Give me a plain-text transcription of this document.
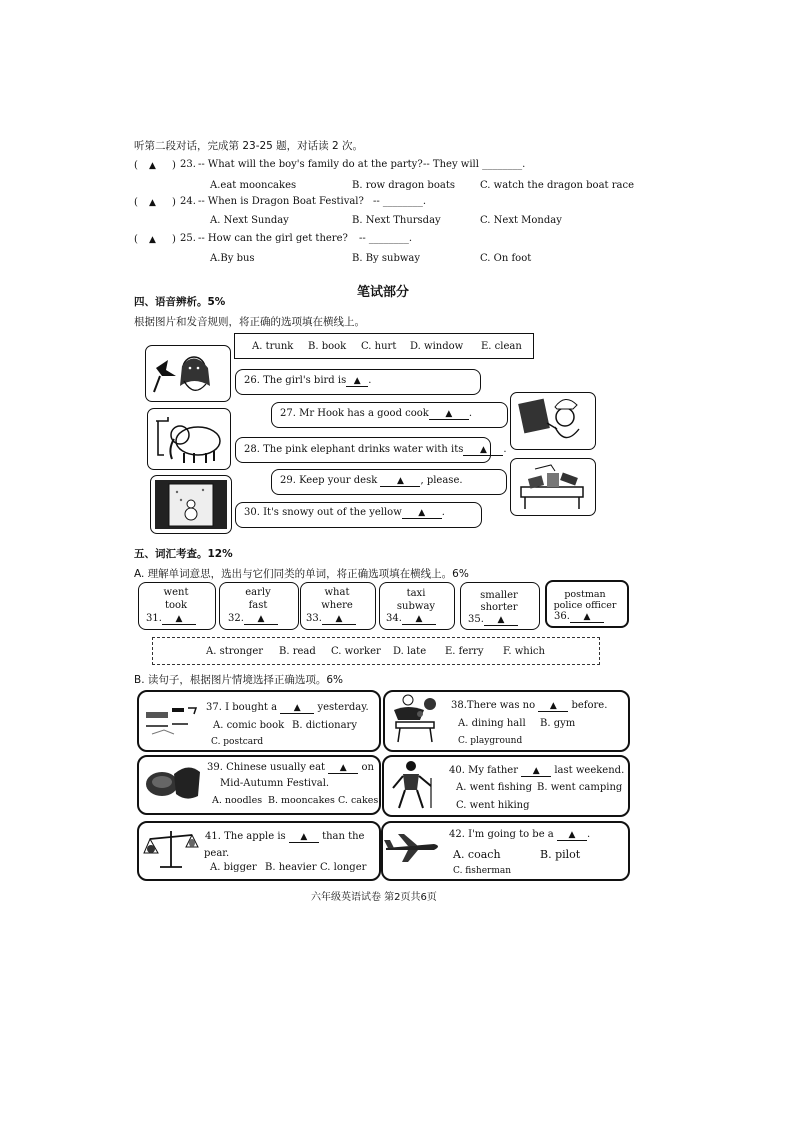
听第二段对话，完成第 23-25 题，对话读 2 次。
( ▲ ) 23. -- What will the boy's family do at the party? -- They will ________.
A.eat mooncakes	B. row dragon boats	C. watch the dragon boat race
( ▲ ) 24. -- When is Dragon Boat Festival? -- ________.
A. Next Sunday	B. Next Thursday	C. Next Monday
( ▲ ) 25. -- How can the girl get there? -- ________.
A.By bus	B. By subway	C. On foot
笔试部分
四、语音辨析。5%
根据图片和发音规则，将正确的选项填在横线上。
A. trunk B. book C. hurt D. window E. clean
26. The girl's bird is ▲ .
27. Mr Hook has a good cook ▲ .
28. The pink elephant drinks water with its ▲ .
29. Keep your desk ▲ , please.
30. It's snowy out of the yellow ▲ .
五、词汇考查。12%
A. 理解单词意思，选出与它们同类的单词，将正确选项填在横线上。6%
went
took
31. ▲
early
fast
32. ▲
what
where
33. ▲
taxi
subway
34. ▲
smaller
shorter
35. ▲
postman
police officer
36. ▲
A. stronger B. read C. worker D. late E. ferry F. which
B. 读句子，根据图片情境选择正确选项。6%
37. I bought a ▲ yesterday.
A. comic book B. dictionary
C. postcard
38.There was no ▲ before.
A. dining hall B. gym
C. playground
39. Chinese usually eat ▲ on
Mid-Autumn Festival.
A. noodles B. mooncakes C. cakes
40. My father ▲ last weekend.
A. went fishing B. went camping
C. went hiking
41. The apple is ▲ than the
pear.
A. bigger B. heavier C. longer
42. I'm going to be a ▲ .
A. coach	B. pilot
C. fisherman
六年级英语试卷 第2页共6页
